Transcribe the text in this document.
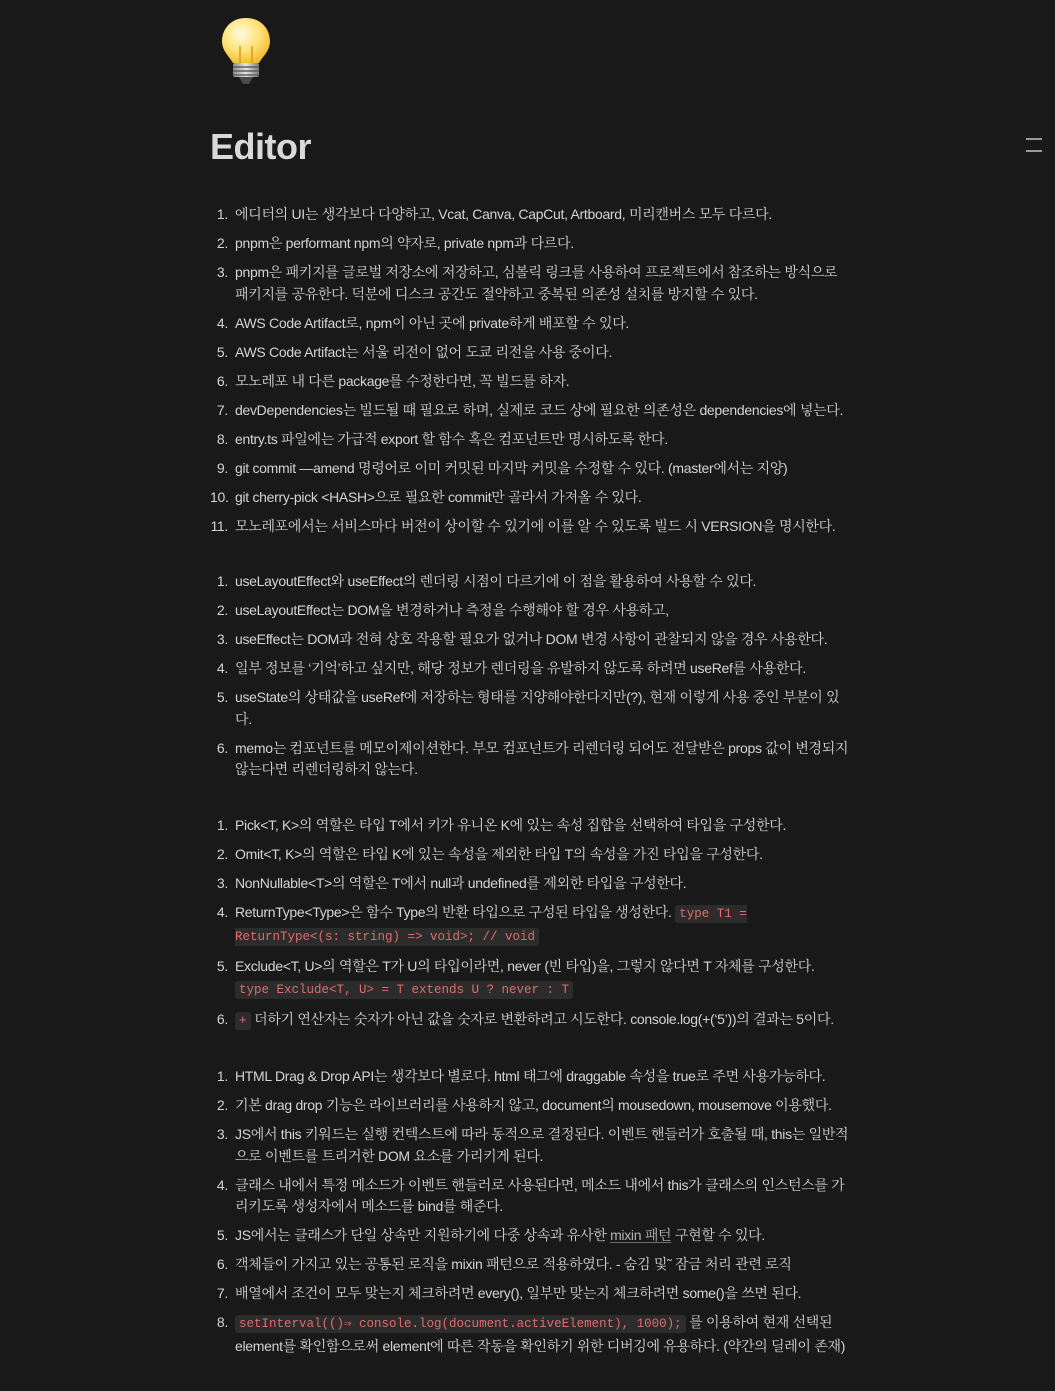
Editor
1. 에디터의 UI는 생각보다 다양하고, Vcat, Canva, CapCut, Artboard, 미리캔버스 모두 다르다.
2. pnpm은 performant npm의 약자로, private npm과 다르다.
3. pnpm은 패키지를 글로벌 저장소에 저장하고, 심볼릭 링크를 사용하여 프로젝트에서 참조하는 방식으로 패키지를 공유한다. 덕분에 디스크 공간도 절약하고 중복된 의존성 설치를 방지할 수 있다.
4. AWS Code Artifact로, npm이 아닌 곳에 private하게 배포할 수 있다.
5. AWS Code Artifact는 서울 리전이 없어 도쿄 리전을 사용 중이다.
6. 모노레포 내 다른 package를 수정한다면, 꼭 빌드를 하자.
7. devDependencies는 빌드될 때 필요로 하며, 실제로 코드 상에 필요한 의존성은 dependencies에 넣는다.
8. entry.ts 파일에는 가급적 export 할 함수 혹은 컴포넌트만 명시하도록 한다.
9. git commit —amend 명령어로 이미 커밋된 마지막 커밋을 수정할 수 있다. (master에서는 지양)
10. git cherry-pick <HASH>으로 필요한 commit만 골라서 가져올 수 있다.
11. 모노레포에서는 서비스마다 버전이 상이할 수 있기에 이를 알 수 있도록 빌드 시 VERSION을 명시한다.
1. useLayoutEffect와 useEffect의 렌더링 시점이 다르기에 이 점을 활용하여 사용할 수 있다.
2. useLayoutEffect는 DOM을 변경하거나 측정을 수행해야 할 경우 사용하고,
3. useEffect는 DOM과 전혀 상호 작용할 필요가 없거나 DOM 변경 사항이 관찰되지 않을 경우 사용한다.
4. 일부 정보를 ‘기억’하고 싶지만, 해당 정보가 렌더링을 유발하지 않도록 하려면 useRef를 사용한다.
5. useState의 상태값을 useRef에 저장하는 형태를 지양해야한다지만(?), 현재 이렇게 사용 중인 부분이 있다.
6. memo는 컴포넌트를 메모이제이션한다. 부모 컴포넌트가 리렌더링 되어도 전달받은 props 값이 변경되지 않는다면 리렌더링하지 않는다.
1. Pick<T, K>의 역할은 타입 T에서 키가 유니온 K에 있는 속성 집합을 선택하여 타입을 구성한다.
2. Omit<T, K>의 역할은 타입 K에 있는 속성을 제외한 타입 T의 속성을 가진 타입을 구성한다.
3. NonNullable<T>의 역할은 T에서 null과 undefined를 제외한 타입을 구성한다.
4. ReturnType<Type>은 함수 Type의 반환 타입으로 구성된 타입을 생성한다. type T1 = ReturnType<(s: string) => void>; // void
5. Exclude<T, U>의 역할은 T가 U의 타입이라면, never (빈 타입)을, 그렇지 않다면 T 자체를 구성한다. type Exclude<T, U> = T extends U ? never : T
6. + 더하기 연산자는 숫자가 아닌 값을 숫자로 변환하려고 시도한다. console.log(+(‘5’))의 결과는 5이다.
1. HTML Drag & Drop API는 생각보다 별로다. html 태그에 draggable 속성을 true로 주면 사용가능하다.
2. 기본 drag drop 기능은 라이브러리를 사용하지 않고, document의 mousedown, mousemove 이용했다.
3. JS에서 this 키워드는 실행 컨텍스트에 따라 동적으로 결정된다. 이벤트 핸들러가 호출될 때, this는 일반적으로 이벤트를 트리거한 DOM 요소를 가리키게 된다.
4. 클래스 내에서 특정 메소드가 이벤트 핸들러로 사용된다면, 메소드 내에서 this가 클래스의 인스턴스를 가리키도록 생성자에서 메소드를 bind를 해준다.
5. JS에서는 클래스가 단일 상속만 지원하기에 다중 상속과 유사한 mixin 패턴 구현할 수 있다.
6. 객체들이 가지고 있는 공통된 로직을 mixin 패턴으로 적용하였다. - 숨김 및˜ 잠금 처리 관련 로직
7. 배열에서 조건이 모두 맞는지 체크하려면 every(), 일부만 맞는지 체크하려면 some()을 쓰면 된다.
8. setInterval(()⇒ console.log(document.activeElement), 1000); 를 이용하여 현재 선택된 element를 확인함으로써 element에 따른 작동을 확인하기 위한 디버깅에 유용하다. (약간의 딜레이 존재)
